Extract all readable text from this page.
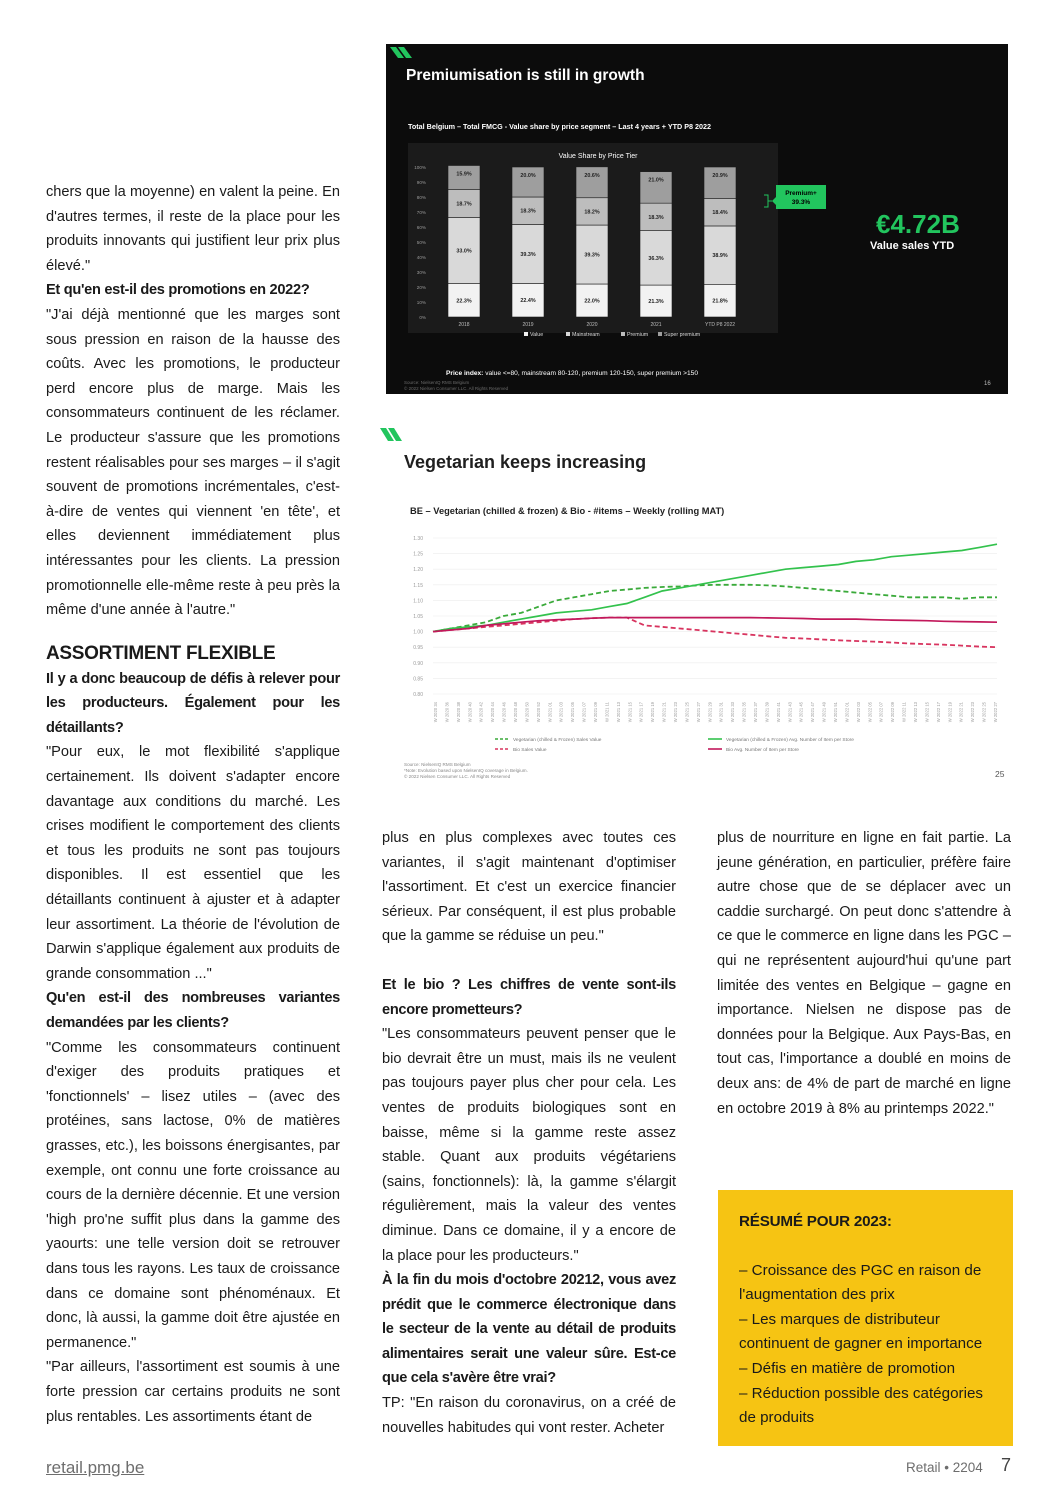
Premiumisation is still in growth
Total Belgium – Total FMCG - Value share by price segment – Last 4 years + YTD P8 2022
Value Share by Price Tier
0%
10%
20%
30%
40%
50%
60%
70%
80%
90%
100%
22.3%
33.0%
18.7%
15.9%
22.4%
39.3%
18.3%
20.0%
22.0%
39.3%
18.2%
20.6%
21.3%
36.3%
18.3%
21.0%
21.8%
38.9%
18.4%
20.9%
2018	2019	2020	2021	YTD P8 2022
Value	Mainstream	Premium	Super premium
Premium+
39.3%
€4.72B
Value sales YTD
Price index: value <=80, mainstream 80-120, premium 120-150, super premium >150
Source: NielsenIQ RMS Belgium
© 2022 Nielsen Consumer LLC. All Rights Reserved
16
Vegetarian keeps increasing
BE – Vegetarian (chilled & frozen) & Bio - #items – Weekly (rolling MAT)
0.80
0.85
0.90
0.95
1.00
1.05
1.10
1.15
1.20
1.25
1.30
W 2020 34 W 2020 36 W 2020 38 W 2020 40 W 2020 42 W 2020 44 W 2020 46 W 2020 48 W 2020 50 W 2020 52 W 2021 01 W 2021 03 W 2021 05 W 2021 07 W 2021 09 W 2021 11 W 2021 13 W 2021 15 W 2021 17 W 2021 19 W 2021 21 W 2021 23 W 2021 25 W 2021 27 W 2021 29 W 2021 31 W 2021 33 W 2021 35 W 2021 37 W 2021 39 W 2021 41 W 2021 43 W 2021 45 W 2021 47 W 2021 49 W 2021 51 W 2022 01 W 2022 03 W 2022 05 W 2022 07 W 2022 09 W 2022 11 W 2022 13 W 2022 15 W 2022 17 W 2022 19 W 2022 21 W 2022 23 W 2022 25 W 2022 27
Vegetarian (chilled & Frozen) Sales Value
Bio Sales Value
Vegetarian (chilled & Frozen) Avg. Number of Item per Store
Bio Avg. Number of Item per Store
Source: NielsenIQ RMS Belgium
*Note: Evolution based upon NielsenIQ coverage in Belgium.
© 2022 Nielsen Consumer LLC. All Rights Reserved	25

chers que la moyenne) en valent la peine. En d'autres termes, il reste de la place pour les produits innovants qui justifient leur prix plus élevé."

Et qu'en est-il des promotions en 2022?

"J'ai déjà mentionné que les marges sont sous pression en raison de la hausse des coûts. Avec les promotions, le producteur perd encore plus de marge. Mais les consommateurs continuent de les réclamer. Le producteur s'assure que les promotions restent réalisables pour ses marges – il s'agit souvent de promotions incrémentales, c'est-à-dire de ventes qui viennent 'en tête', et elles deviennent immédiatement plus intéressantes pour les clients. La pression promotionnelle elle-même reste à peu près la même d'une année à l'autre."

ASSORTIMENT FLEXIBLE

Il y a donc beaucoup de défis à relever pour les producteurs. Également pour les détaillants?

"Pour eux, le mot flexibilité s'applique certainement. Ils doivent s'adapter encore davantage aux conditions du marché. Les crises modifient le comportement des clients et tous les produits ne sont pas toujours disponibles. Il est essentiel que les détaillants continuent à ajuster et à adapter leur assortiment. La théorie de l'évolution de Darwin s'applique également aux produits de grande consommation ..."

Qu'en est-il des nombreuses variantes demandées par les clients?

"Comme les consommateurs continuent d'exiger des produits pratiques et 'fonctionnels' – lisez utiles – (avec des protéines, sans lactose, 0% de matières grasses, etc.), les boissons énergisantes, par exemple, ont connu une forte croissance au cours de la dernière décennie. Et une version 'high pro'ne suffit plus dans la gamme des yaourts: une telle version doit se retrouver dans tous les rayons. Les taux de croissance dans ce domaine sont phénoménaux. Et donc, là aussi, la gamme doit être ajustée en permanence."

"Par ailleurs, l'assortiment est soumis à une forte pression car certains produits ne sont plus rentables. Les assortiments étant de

plus en plus complexes avec toutes ces variantes, il s'agit maintenant d'optimiser l'assortiment. Et c'est un exercice financier sérieux. Par conséquent, il est plus probable que la gamme se réduise un peu."

Et le bio ? Les chiffres de vente sont-ils encore prometteurs?

"Les consommateurs peuvent penser que le bio devrait être un must, mais ils ne veulent pas toujours payer plus cher pour cela. Les ventes de produits biologiques sont en baisse, même si la gamme reste assez stable. Quant aux produits végétariens (sains, fonctionnels): là, la gamme s'élargit régulièrement, mais la valeur des ventes diminue. Dans ce domaine, il y a encore de la place pour les producteurs."

À la fin du mois d'octobre 20212, vous avez prédit que le commerce électronique dans le secteur de la vente au détail de produits alimentaires serait une valeur sûre. Est-ce que cela s'avère être vrai?

TP: "En raison du coronavirus, on a créé de nouvelles habitudes qui vont rester. Acheter

plus de nourriture en ligne en fait partie. La jeune génération, en particulier, préfère faire autre chose que de se déplacer avec un caddie surchargé. On peut donc s'attendre à ce que le commerce en ligne dans les PGC – qui ne représentent aujourd'hui qu'une part limitée des ventes en Belgique – gagne en importance. Nielsen ne dispose pas de données pour la Belgique. Aux Pays-Bas, en tout cas, l'importance a doublé en moins de deux ans: de 4% de part de marché en ligne en octobre 2019 à 8% au printemps 2022."

RÉSUMÉ POUR 2023:

– Croissance des PGC en raison de l'augmentation des prix

– Les marques de distributeur continuent de gagner en importance

– Défis en matière de promotion

– Réduction possible des catégories de produits

retail.pmg.be	Retail • 2204 7
